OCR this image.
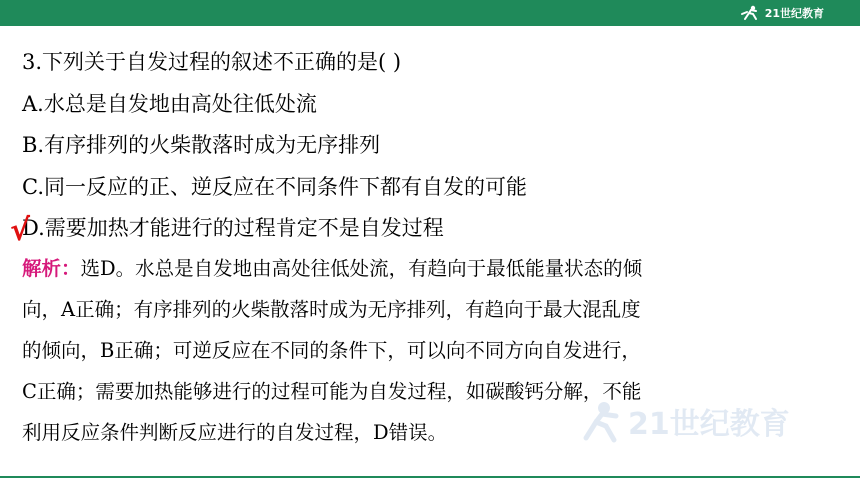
21世纪教育
3.下列关于自发过程的叙述不正确的是( )
A.水总是自发地由高处往低处流
B.有序排列的火柴散落时成为无序排列
C.同一反应的正、逆反应在不同条件下都有自发的可能
D.需要加热才能进行的过程肯定不是自发过程
√
解析：选D。水总是自发地由高处往低处流，有趋向于最低能量状态的倾
向，A正确；有序排列的火柴散落时成为无序排列，有趋向于最大混乱度
的倾向，B正确；可逆反应在不同的条件下，可以向不同方向自发进行，
C正确；需要加热能够进行的过程可能为自发过程，如碳酸钙分解，不能
利用反应条件判断反应进行的自发过程，D错误。	21世纪教育
